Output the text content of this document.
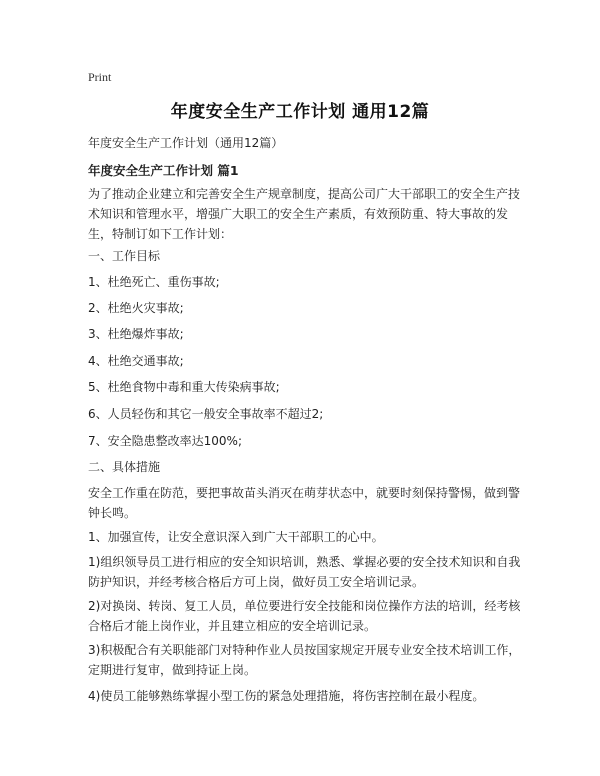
Print
年度安全生产工作计划 通用12篇
年度安全生产工作计划（通用12篇）
年度安全生产工作计划 篇1

为了推动企业建立和完善安全生产规章制度，提高公司广大干部职工的安全生产技术知识和管理水平，增强广大职工的安全生产素质，有效预防重、特大事故的发生，特制订如下工作计划：

一、工作目标
1、杜绝死亡、重伤事故;
2、杜绝火灾事故;
3、杜绝爆炸事故;
4、杜绝交通事故;
5、杜绝食物中毒和重大传染病事故;
6、人员轻伤和其它一般安全事故率不超过2;
7、安全隐患整改率达100%;
二、具体措施

安全工作重在防范，要把事故苗头消灭在萌芽状态中，就要时刻保持警惕，做到警钟长鸣。

1、加强宣传，让安全意识深入到广大干部职工的心中。

1)组织领导员工进行相应的安全知识培训，熟悉、掌握必要的安全技术知识和自我防护知识，并经考核合格后方可上岗，做好员工安全培训记录。

2)对换岗、转岗、复工人员，单位要进行安全技能和岗位操作方法的培训，经考核合格后才能上岗作业，并且建立相应的安全培训记录。

3)积极配合有关职能部门对特种作业人员按国家规定开展专业安全技术培训工作，定期进行复审，做到持证上岗。

4)使员工能够熟练掌握小型工伤的紧急处理措施，将伤害控制在最小程度。
